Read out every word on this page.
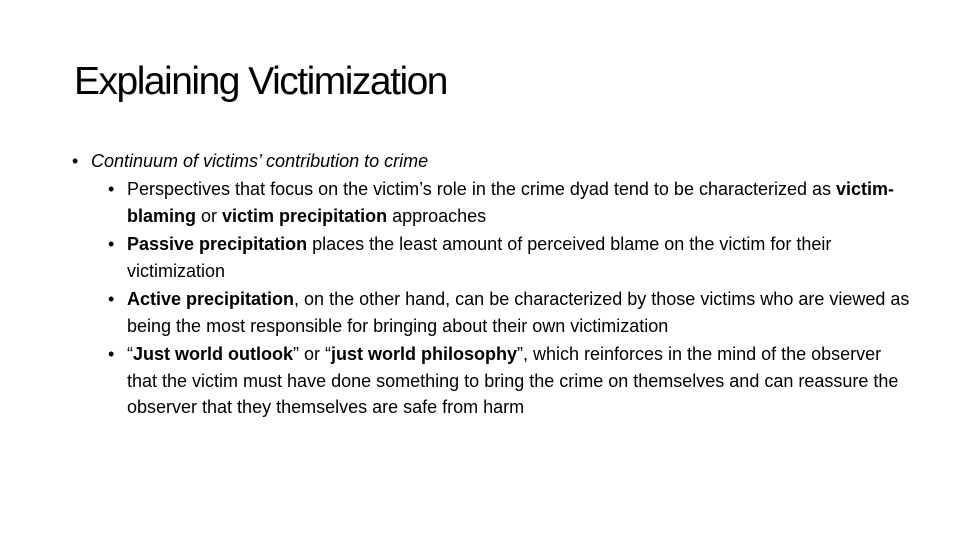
Explaining Victimization
• Continuum of victims’ contribution to crime
• Perspectives that focus on the victim’s role in the crime dyad tend to be characterized as victim-blaming or victim precipitation approaches
• Passive precipitation places the least amount of perceived blame on the victim for their victimization
• Active precipitation, on the other hand, can be characterized by those victims who are viewed as being the most responsible for bringing about their own victimization
• “Just world outlook” or “just world philosophy”, which reinforces in the mind of the observer that the victim must have done something to bring the crime on themselves and can reassure the observer that they themselves are safe from harm
